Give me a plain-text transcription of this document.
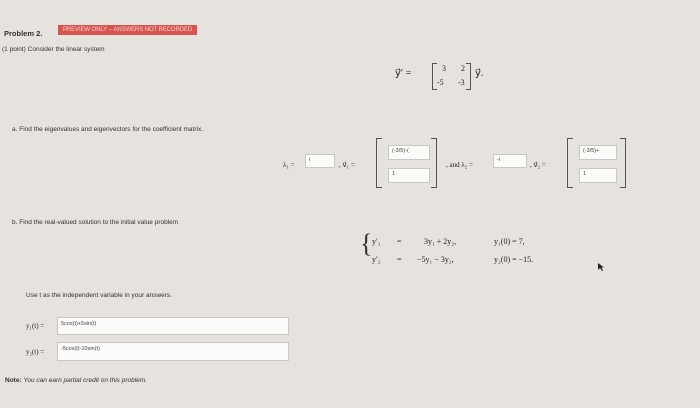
Problem 2.	PREVIEW ONLY -- ANSWERS NOT RECORDED
(1 point) Consider the linear system
y⃗′ =	3 2
-5 -3
y⃗.
a. Find the eigenvalues and eigenvectors for the coefficient matrix.
λ₁ =
i
, v⃗₁ =
(-3/5)-(
1
, and λ₂ =
-i
, v⃗₂ =
(-3/5)+
1
b. Find the real-valued solution to the initial value problem
{ y′₁ =	3y₁ + 2y₂,	y₁(0) = 7,
y′₂ = −5y₁ − 3y₂,	y₂(0) = −15.
Use t as the independent variable in your answers.
y₁(t) =	5cos(t)+5sin(t)
y₂(t) =	-5cos(t)-10sin(t)
Note: You can earn partial credit on this problem.
